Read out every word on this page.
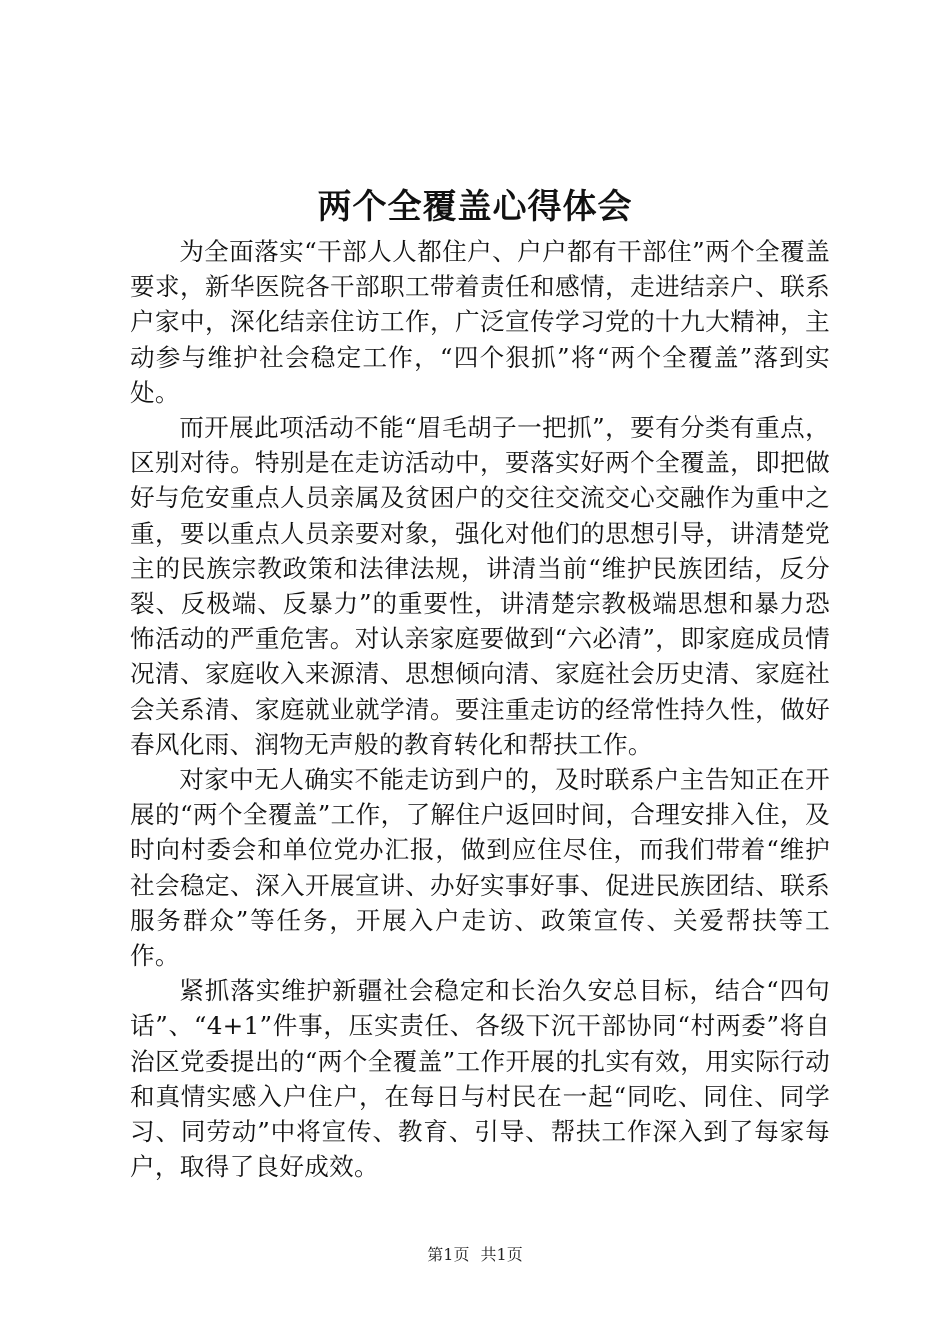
两个全覆盖心得体会

为全面落实“干部人人都住户、户户都有干部住”两个全覆盖要求，新华医院各干部职工带着责任和感情，走进结亲户、联系户家中，深化结亲住访工作，广泛宣传学习党的十九大精神，主动参与维护社会稳定工作，“四个狠抓”将“两个全覆盖”落到实处。

而开展此项活动不能“眉毛胡子一把抓”，要有分类有重点，区别对待。特别是在走访活动中，要落实好两个全覆盖，即把做好与危安重点人员亲属及贫困户的交往交流交心交融作为重中之重，要以重点人员亲要对象，强化对他们的思想引导，讲清楚党主的民族宗教政策和法律法规，讲清当前“维护民族团结，反分裂、反极端、反暴力”的重要性，讲清楚宗教极端思想和暴力恐怖活动的严重危害。对认亲家庭要做到“六必清”，即家庭成员情况清、家庭收入来源清、思想倾向清、家庭社会历史清、家庭社会关系清、家庭就业就学清。要注重走访的经常性持久性，做好春风化雨、润物无声般的教育转化和帮扶工作。

对家中无人确实不能走访到户的，及时联系户主告知正在开展的“两个全覆盖”工作，了解住户返回时间，合理安排入住，及时向村委会和单位党办汇报，做到应住尽住，而我们带着“维护社会稳定、深入开展宣讲、办好实事好事、促进民族团结、联系服务群众”等任务，开展入户走访、政策宣传、关爱帮扶等工作。

紧抓落实维护新疆社会稳定和长治久安总目标，结合“四句话”、“4+1”件事，压实责任、各级下沉干部协同“村两委”将自治区党委提出的“两个全覆盖”工作开展的扎实有效，用实际行动和真情实感入户住户，在每日与村民在一起“同吃、同住、同学习、同劳动”中将宣传、教育、引导、帮扶工作深入到了每家每户，取得了良好成效。

第1页 共1页
